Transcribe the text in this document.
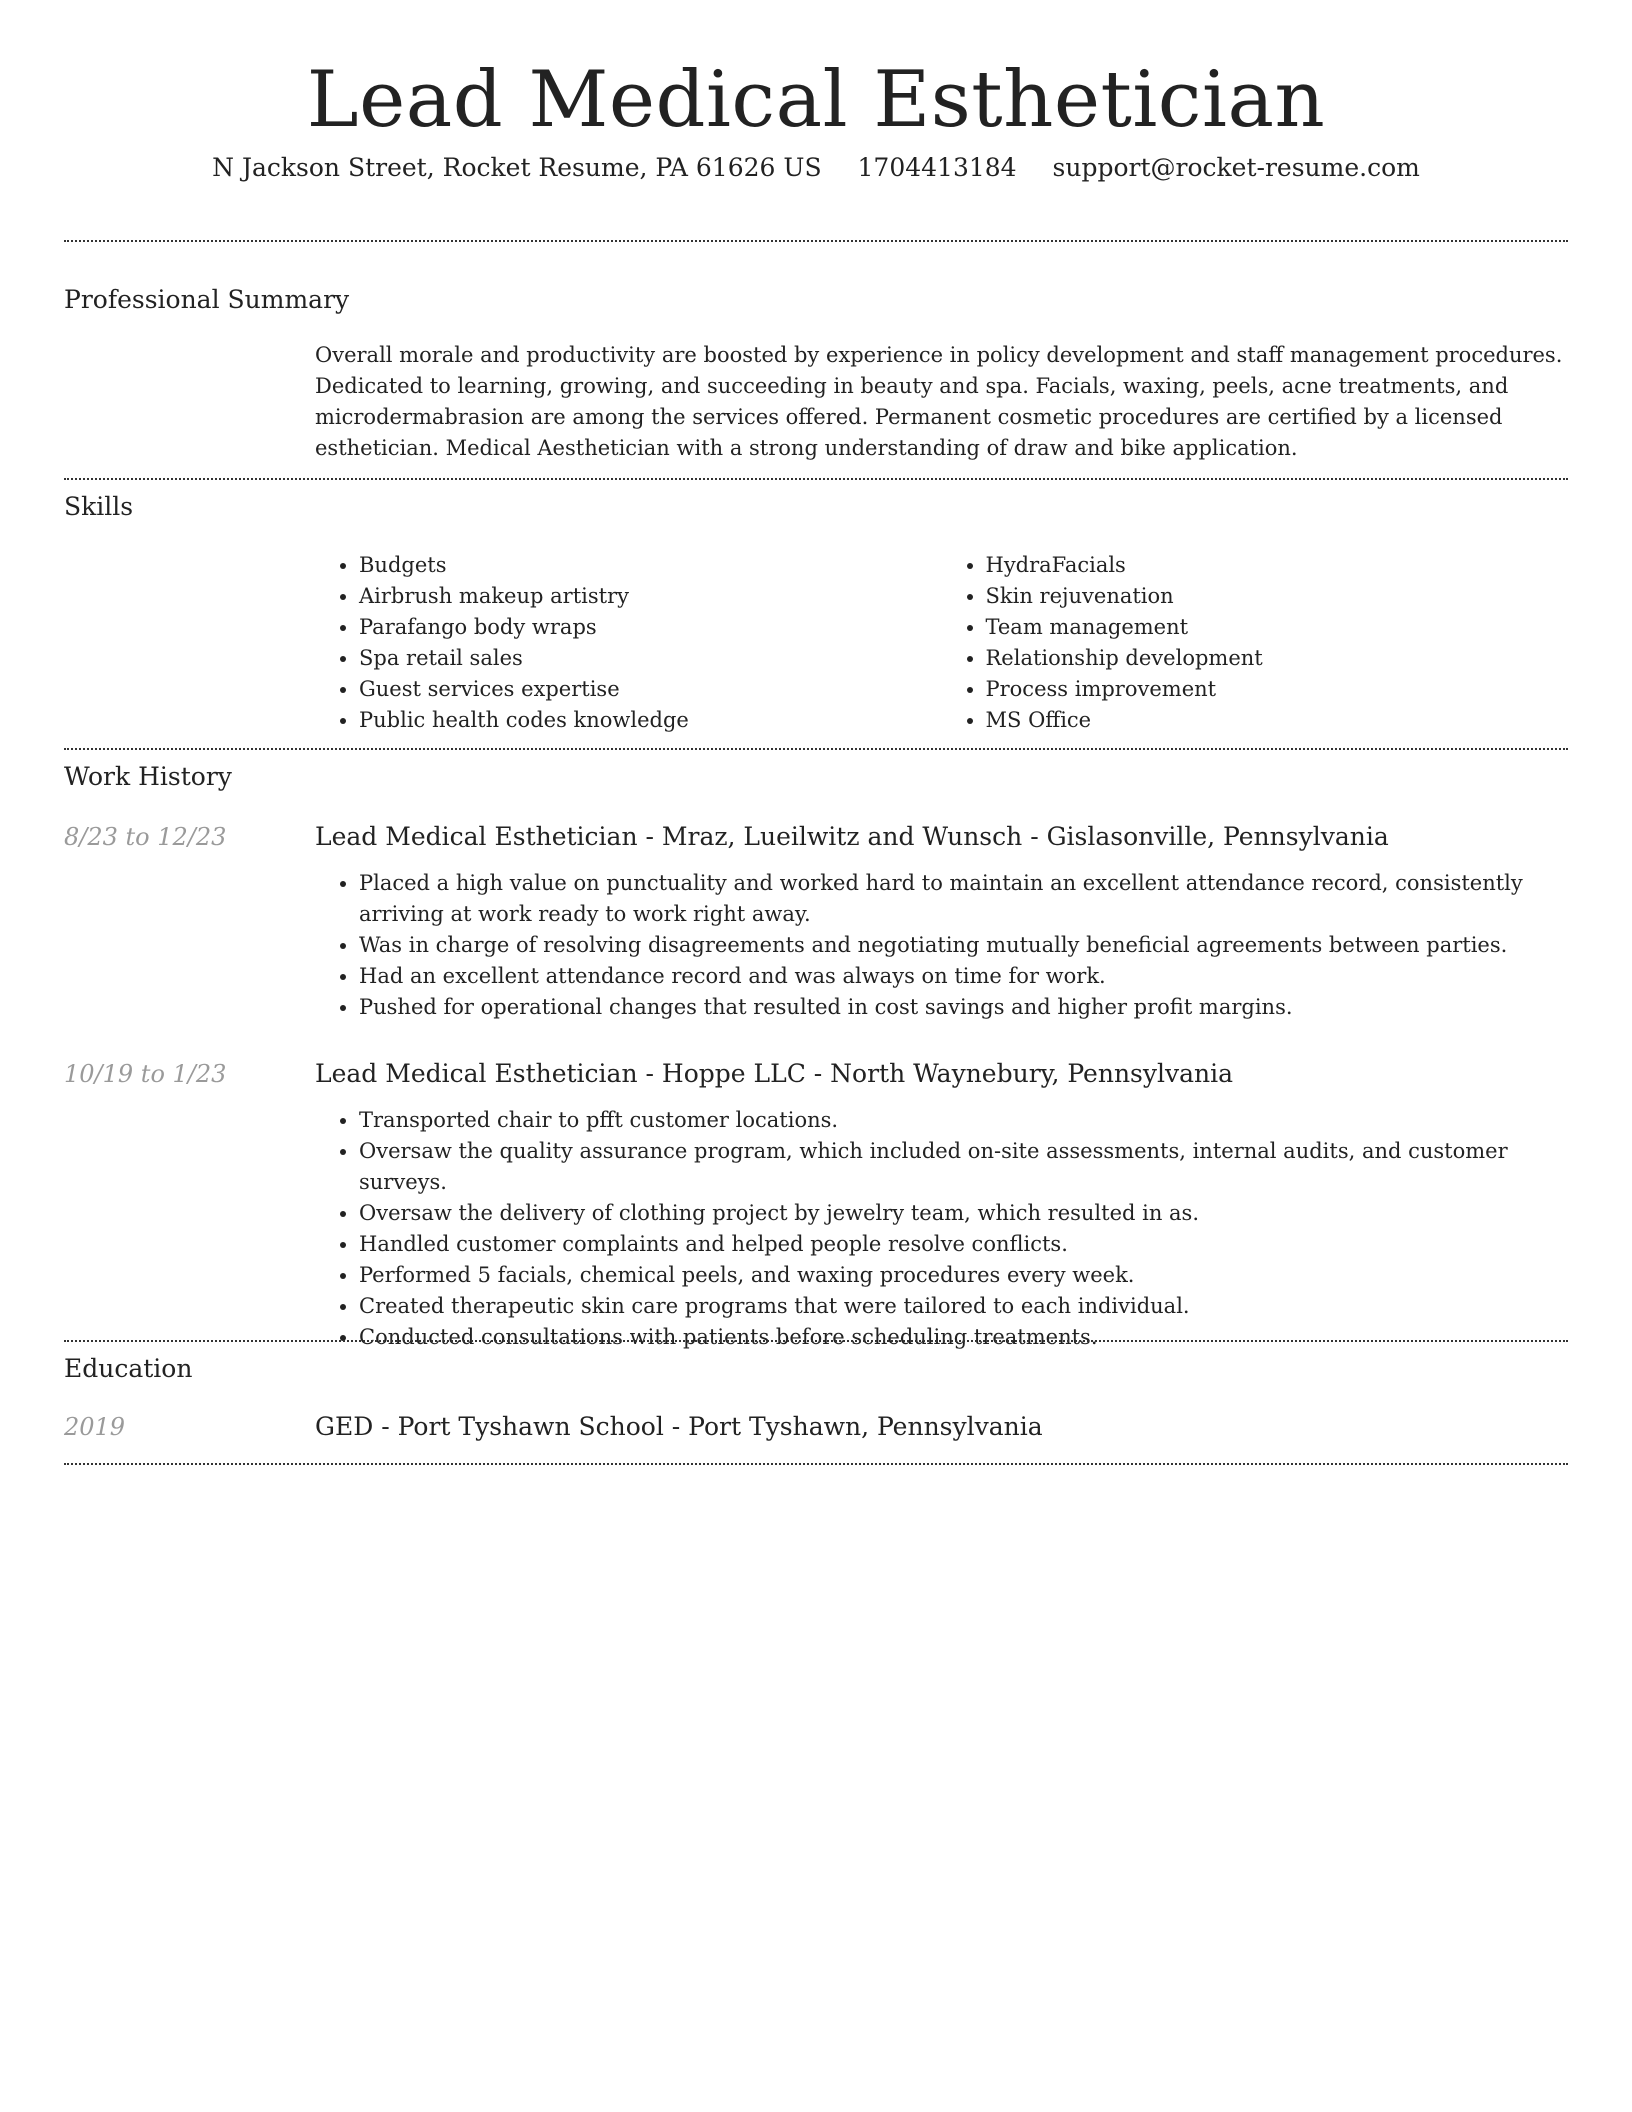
Lead Medical Esthetician
N Jackson Street, Rocket Resume, PA 61626 US 1704413184 support@rocket-resume.com
Professional Summary

Overall morale and productivity are boosted by experience in policy development and staff management procedures. Dedicated to learning, growing, and succeeding in beauty and spa. Facials, waxing, peels, acne treatments, and microdermabrasion are among the services offered. Permanent cosmetic procedures are certified by a licensed esthetician. Medical Aesthetician with a strong understanding of draw and bike application.

Skills
• Budgets
• Airbrush makeup artistry
• Parafango body wraps
• Spa retail sales
• Guest services expertise
• Public health codes knowledge
• HydraFacials
• Skin rejuvenation
• Team management
• Relationship development
• Process improvement
• MS Office
Work History
8/23 to 12/23	Lead Medical Esthetician - Mraz, Lueilwitz and Wunsch - Gislasonville, Pennsylvania

• Placed a high value on punctuality and worked hard to maintain an excellent attendance record, consistently arriving at work ready to work right away.
• Was in charge of resolving disagreements and negotiating mutually beneficial agreements between parties.
• Had an excellent attendance record and was always on time for work.
• Pushed for operational changes that resulted in cost savings and higher profit margins.
10/19 to 1/23	Lead Medical Esthetician - Hoppe LLC - North Waynebury, Pennsylvania

• Transported chair to pfft customer locations.
• Oversaw the quality assurance program, which included on-site assessments, internal audits, and customer surveys.
• Oversaw the delivery of clothing project by jewelry team, which resulted in as.
• Handled customer complaints and helped people resolve conflicts.
• Performed 5 facials, chemical peels, and waxing procedures every week.
• Created therapeutic skin care programs that were tailored to each individual.
• Conducted consultations with patients before scheduling treatments.
Education
2019	GED - Port Tyshawn School - Port Tyshawn, Pennsylvania
